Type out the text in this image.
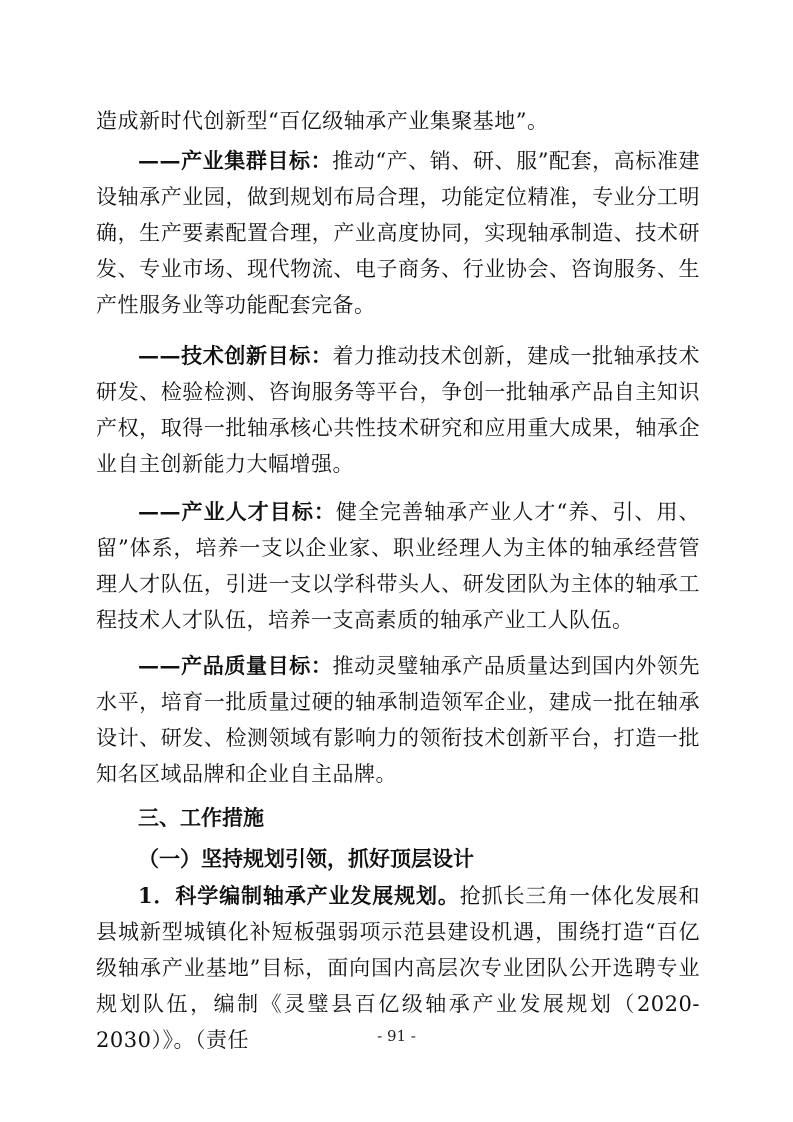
造成新时代创新型“百亿级轴承产业集聚基地”。

——产业集群目标：推动“产、销、研、服”配套，高标准建设轴承产业园，做到规划布局合理，功能定位精准，专业分工明确，生产要素配置合理，产业高度协同，实现轴承制造、技术研发、专业市场、现代物流、电子商务、行业协会、咨询服务、生产性服务业等功能配套完备。

——技术创新目标：着力推动技术创新，建成一批轴承技术研发、检验检测、咨询服务等平台，争创一批轴承产品自主知识产权，取得一批轴承核心共性技术研究和应用重大成果，轴承企业自主创新能力大幅增强。

——产业人才目标：健全完善轴承产业人才“养、引、用、留”体系，培养一支以企业家、职业经理人为主体的轴承经营管理人才队伍，引进一支以学科带头人、研发团队为主体的轴承工程技术人才队伍，培养一支高素质的轴承产业工人队伍。

——产品质量目标：推动灵璧轴承产品质量达到国内外领先水平，培育一批质量过硬的轴承制造领军企业，建成一批在轴承设计、研发、检测领域有影响力的领衔技术创新平台，打造一批知名区域品牌和企业自主品牌。

三、工作措施
（一）坚持规划引领，抓好顶层设计

1．科学编制轴承产业发展规划。抢抓长三角一体化发展和县城新型城镇化补短板强弱项示范县建设机遇，围绕打造“百亿级轴承产业基地”目标，面向国内高层次专业团队公开选聘专业规划队伍，编制《灵璧县百亿级轴承产业发展规划（2020-2030）》。（责任	- 91 -
